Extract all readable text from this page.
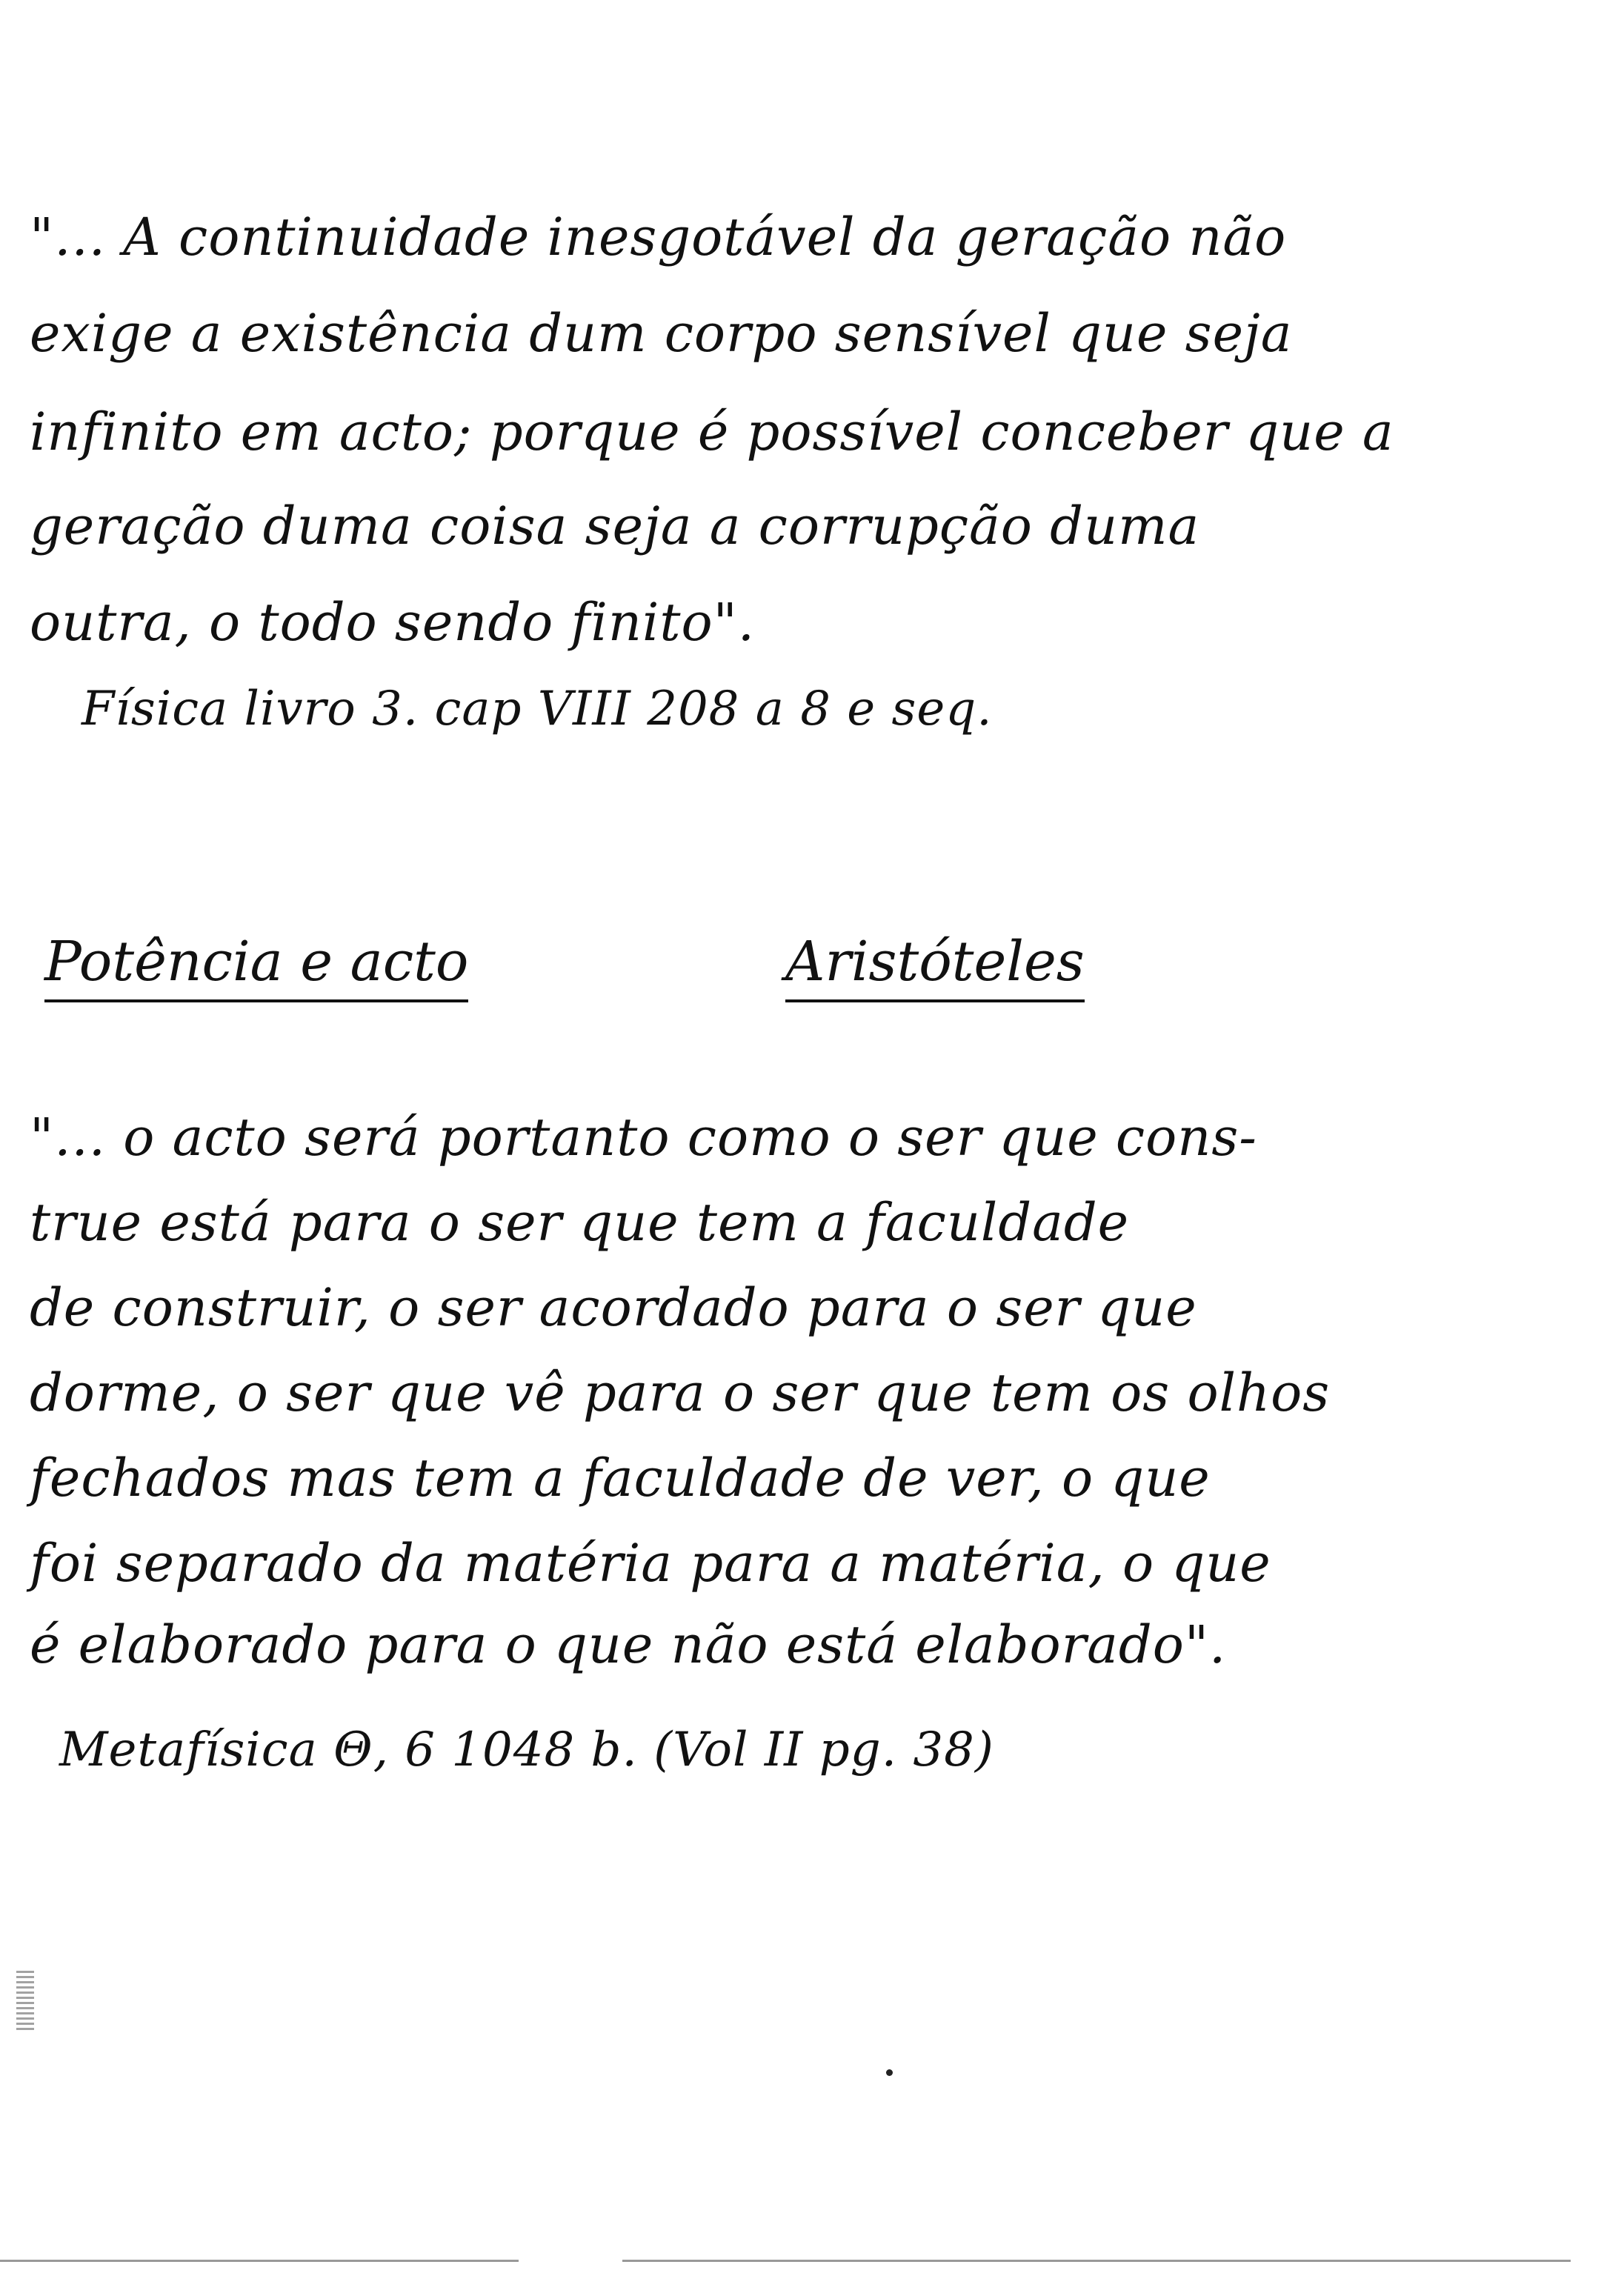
"... A continuidade inesgotável da geração não
exige a existência dum corpo sensível que seja
infinito em acto; porque é possível conceber que a
geração duma coisa seja a corrupção duma
outra, o todo sendo finito".
Física livro 3. cap VIII 208 a 8 e seq.
Potência e acto	Aristóteles
"... o acto será portanto como o ser que cons-
true está para o ser que tem a faculdade
de construir, o ser acordado para o ser que
dorme, o ser que vê para o ser que tem os olhos
fechados mas tem a faculdade de ver, o que
foi separado da matéria para a matéria, o que
é elaborado para o que não está elaborado".
Metafísica Θ, 6 1048 b. (Vol II pg. 38)
